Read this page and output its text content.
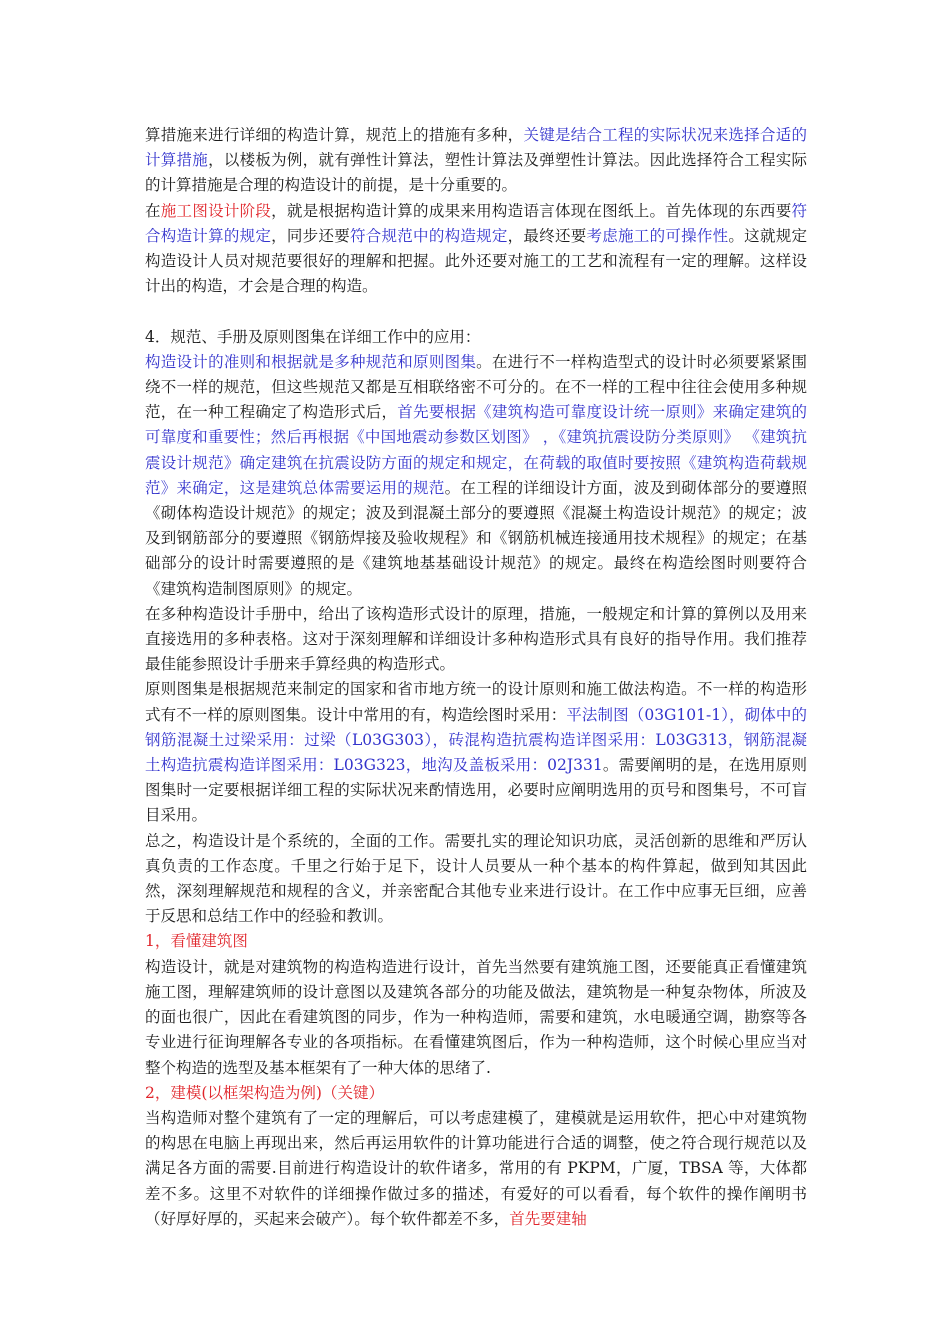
算措施来进行详细的构造计算，规范上的措施有多种，关键是结合工程的实际状况来选择合适的计算措施，以楼板为例，就有弹性计算法，塑性计算法及弹塑性计算法。因此选择符合工程实际的计算措施是合理的构造设计的前提，是十分重要的。

在施工图设计阶段，就是根据构造计算的成果来用构造语言体现在图纸上。首先体现的东西要符合构造计算的规定，同步还要符合规范中的构造规定，最终还要考虑施工的可操作性。这就规定构造设计人员对规范要很好的理解和把握。此外还要对施工的工艺和流程有一定的理解。这样设计出的构造，才会是合理的构造。

4．规范、手册及原则图集在详细工作中的应用：

构造设计的准则和根据就是多种规范和原则图集。在进行不一样构造型式的设计时必须要紧紧围绕不一样的规范，但这些规范又都是互相联络密不可分的。在不一样的工程中往往会使用多种规范，在一种工程确定了构造形式后，首先要根据《建筑构造可靠度设计统一原则》来确定建筑的可靠度和重要性；然后再根据《中国地震动参数区划图》 ，《建筑抗震设防分类原则》 《建筑抗震设计规范》确定建筑在抗震设防方面的规定和规定，在荷载的取值时要按照《建筑构造荷载规范》来确定，这是建筑总体需要运用的规范。在工程的详细设计方面，波及到砌体部分的要遵照《砌体构造设计规范》的规定；波及到混凝土部分的要遵照《混凝土构造设计规范》的规定；波及到钢筋部分的要遵照《钢筋焊接及验收规程》和《钢筋机械连接通用技术规程》的规定；在基础部分的设计时需要遵照的是《建筑地基基础设计规范》的规定。最终在构造绘图时则要符合《建筑构造制图原则》的规定。

在多种构造设计手册中，给出了该构造形式设计的原理，措施，一般规定和计算的算例以及用来直接选用的多种表格。这对于深刻理解和详细设计多种构造形式具有良好的指导作用。我们推荐最佳能参照设计手册来手算经典的构造形式。

原则图集是根据规范来制定的国家和省市地方统一的设计原则和施工做法构造。不一样的构造形式有不一样的原则图集。设计中常用的有，构造绘图时采用：平法制图（03G101-1），砌体中的钢筋混凝土过梁采用：过梁（L03G303），砖混构造抗震构造详图采用：L03G313，钢筋混凝土构造抗震构造详图采用：L03G323，地沟及盖板采用：02J331。需要阐明的是，在选用原则图集时一定要根据详细工程的实际状况来酌情选用，必要时应阐明选用的页号和图集号，不可盲目采用。

总之，构造设计是个系统的，全面的工作。需要扎实的理论知识功底，灵活创新的思维和严厉认真负责的工作态度。千里之行始于足下，设计人员要从一种个基本的构件算起，做到知其因此然，深刻理解规范和规程的含义，并亲密配合其他专业来进行设计。在工作中应事无巨细，应善于反思和总结工作中的经验和教训。

1，看懂建筑图

构造设计，就是对建筑物的构造构造进行设计，首先当然要有建筑施工图，还要能真正看懂建筑施工图，理解建筑师的设计意图以及建筑各部分的功能及做法，建筑物是一种复杂物体，所波及的面也很广，因此在看建筑图的同步，作为一种构造师，需要和建筑，水电暖通空调，勘察等各专业进行征询理解各专业的各项指标。在看懂建筑图后，作为一种构造师，这个时候心里应当对整个构造的选型及基本框架有了一种大体的思绪了.

2，建模(以框架构造为例)（关键）

当构造师对整个建筑有了一定的理解后，可以考虑建模了，建模就是运用软件，把心中对建筑物的构思在电脑上再现出来，然后再运用软件的计算功能进行合适的调整，使之符合现行规范以及满足各方面的需要.目前进行构造设计的软件诸多，常用的有 PKPM，广厦，TBSA 等，大体都差不多。这里不对软件的详细操作做过多的描述，有爱好的可以看看，每个软件的操作阐明书（好厚好厚的，买起来会破产）。每个软件都差不多，首先要建轴
